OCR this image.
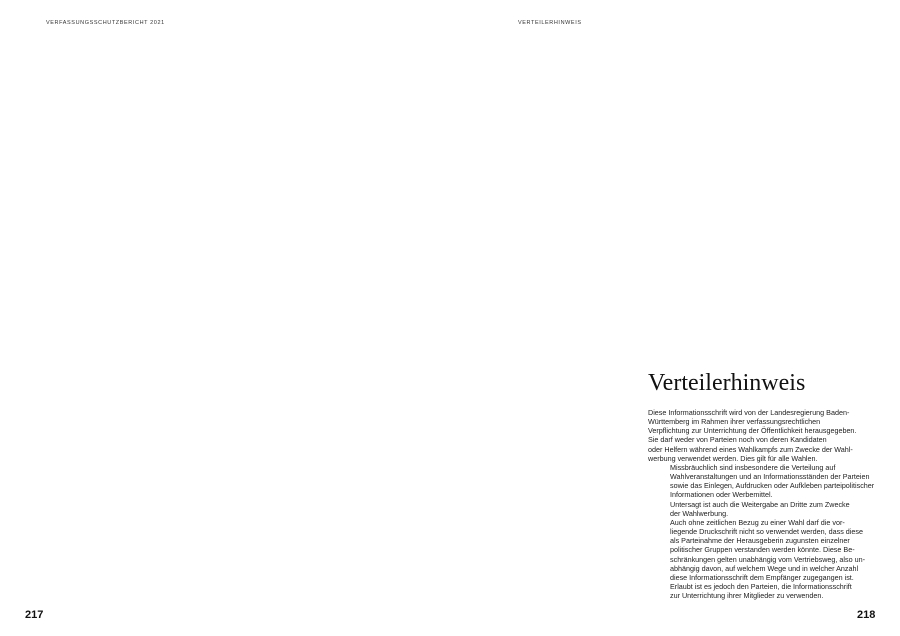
VERFASSUNGSSCHUTZBERICHT 2021	VERTEILERHINWEIS
Verteilerhinweis

Diese Informationsschrift wird von der Landesregierung Baden-
Württemberg im Rahmen ihrer verfassungsrechtlichen
Verpflichtung zur Unterrichtung der Öffentlichkeit herausgegeben.
Sie darf weder von Parteien noch von deren Kandidaten
oder Helfern während eines Wahlkampfs zum Zwecke der Wahl-
werbung verwendet werden. Dies gilt für alle Wahlen.

Missbräuchlich sind insbesondere die Verteilung auf
Wahlveranstaltungen und an Informationsständen der Parteien
sowie das Einlegen, Aufdrucken oder Aufkleben parteipolitischer
Informationen oder Werbemittel.

Untersagt ist auch die Weitergabe an Dritte zum Zwecke
der Wahlwerbung.

Auch ohne zeitlichen Bezug zu einer Wahl darf die vor-
liegende Druckschrift nicht so verwendet werden, dass diese
als Parteinahme der Herausgeberin zugunsten einzelner
politischer Gruppen verstanden werden könnte. Diese Be-
schränkungen gelten unabhängig vom Vertriebsweg, also un-
abhängig davon, auf welchem Wege und in welcher Anzahl
diese Informationsschrift dem Empfänger zugegangen ist.

Erlaubt ist es jedoch den Parteien, die Informationsschrift
zur Unterrichtung ihrer Mitglieder zu verwenden.

217	218
